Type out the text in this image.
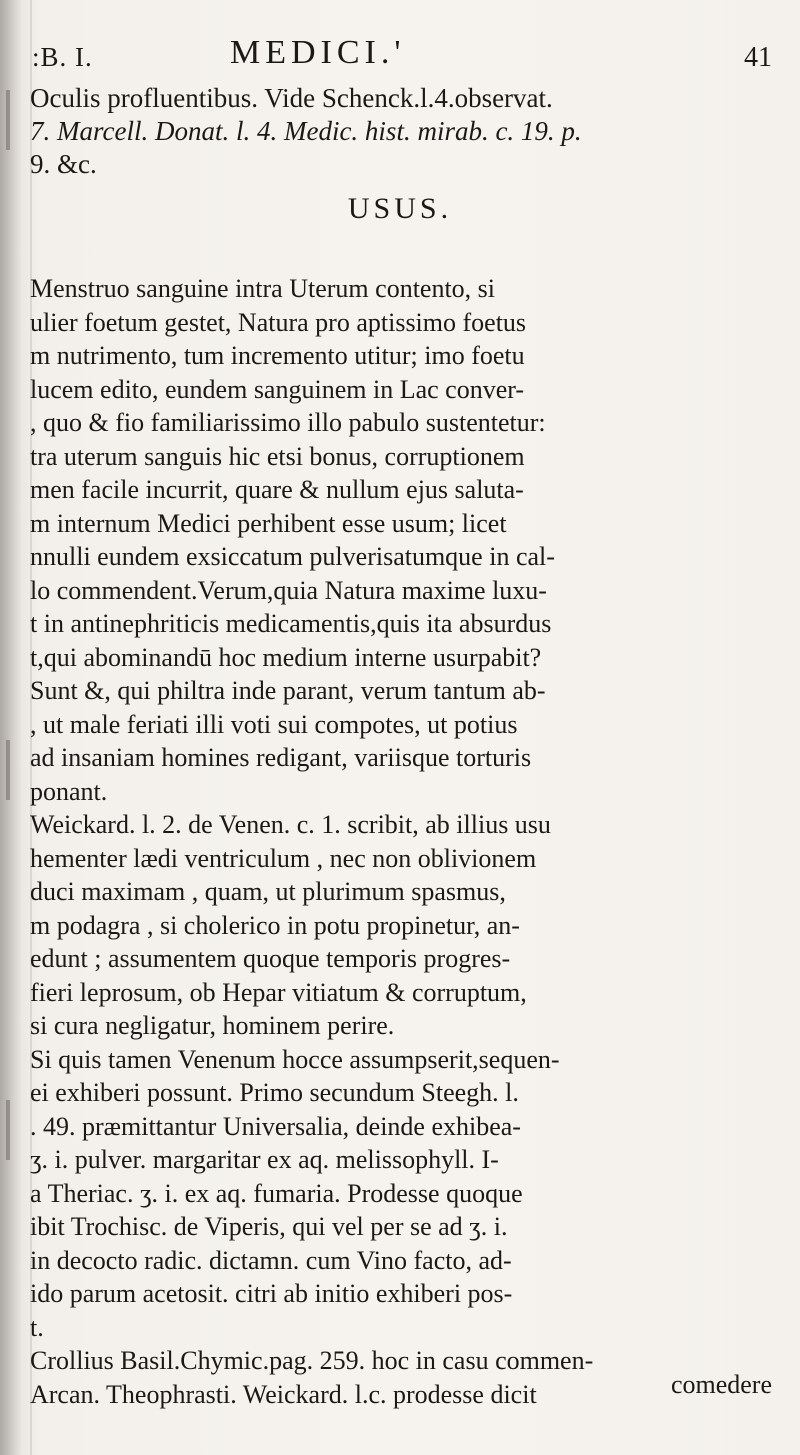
:B. I.	MEDICI.'	41
Oculis profluentibus. Vide Schenck.l.4.observat.
7. Marcell. Donat. l. 4. Medic. hist. mirab. c. 19. p.
9. &c.
USUS.
Menstruo sanguine intra Uterum contento, si
ulier foetum gestet, Natura pro aptissimo foetus
m nutrimento, tum incremento utitur; imo foetu
lucem edito, eundem sanguinem in Lac conver-
, quo & fio familiarissimo illo pabulo sustentetur:
tra uterum sanguis hic etsi bonus, corruptionem
men facile incurrit, quare & nullum ejus saluta-
m internum Medici perhibent esse usum; licet
nnulli eundem exsiccatum pulverisatumque in cal-
lo commendent.Verum,quia Natura maxime luxu-
t in antinephriticis medicamentis,quis ita absurdus
t,qui abominandū hoc medium interne usurpabit?
Sunt &, qui philtra inde parant, verum tantum ab-
, ut male feriati illi voti sui compotes, ut potius
ad insaniam homines redigant, variisque torturis
ponant.
Weickard. l. 2. de Venen. c. 1. scribit, ab illius usu
hementer lædi ventriculum , nec non oblivionem
duci maximam , quam, ut plurimum spasmus,
m podagra , si cholerico in potu propinetur, an-
edunt ; assumentem quoque temporis progres-
fieri leprosum, ob Hepar vitiatum & corruptum,
si cura negligatur, hominem perire.
Si quis tamen Venenum hocce assumpserit,sequen-
ei exhiberi possunt. Primo secundum Steegh. l.
. 49. præmittantur Universalia, deinde exhibea-
ʒ. i. pulver. margaritar ex aq. melissophyll. I-
a Theriac. ʒ. i. ex aq. fumaria. Prodesse quoque
ibit Trochisc. de Viperis, qui vel per se ad ʒ. i.
in decocto radic. dictamn. cum Vino facto, ad-
ido parum acetosit. citri ab initio exhiberi pos-
t.
Crollius Basil.Chymic.pag. 259. hoc in casu commen-
Arcan. Theophrasti. Weickard. l.c. prodesse dicit	comedere
